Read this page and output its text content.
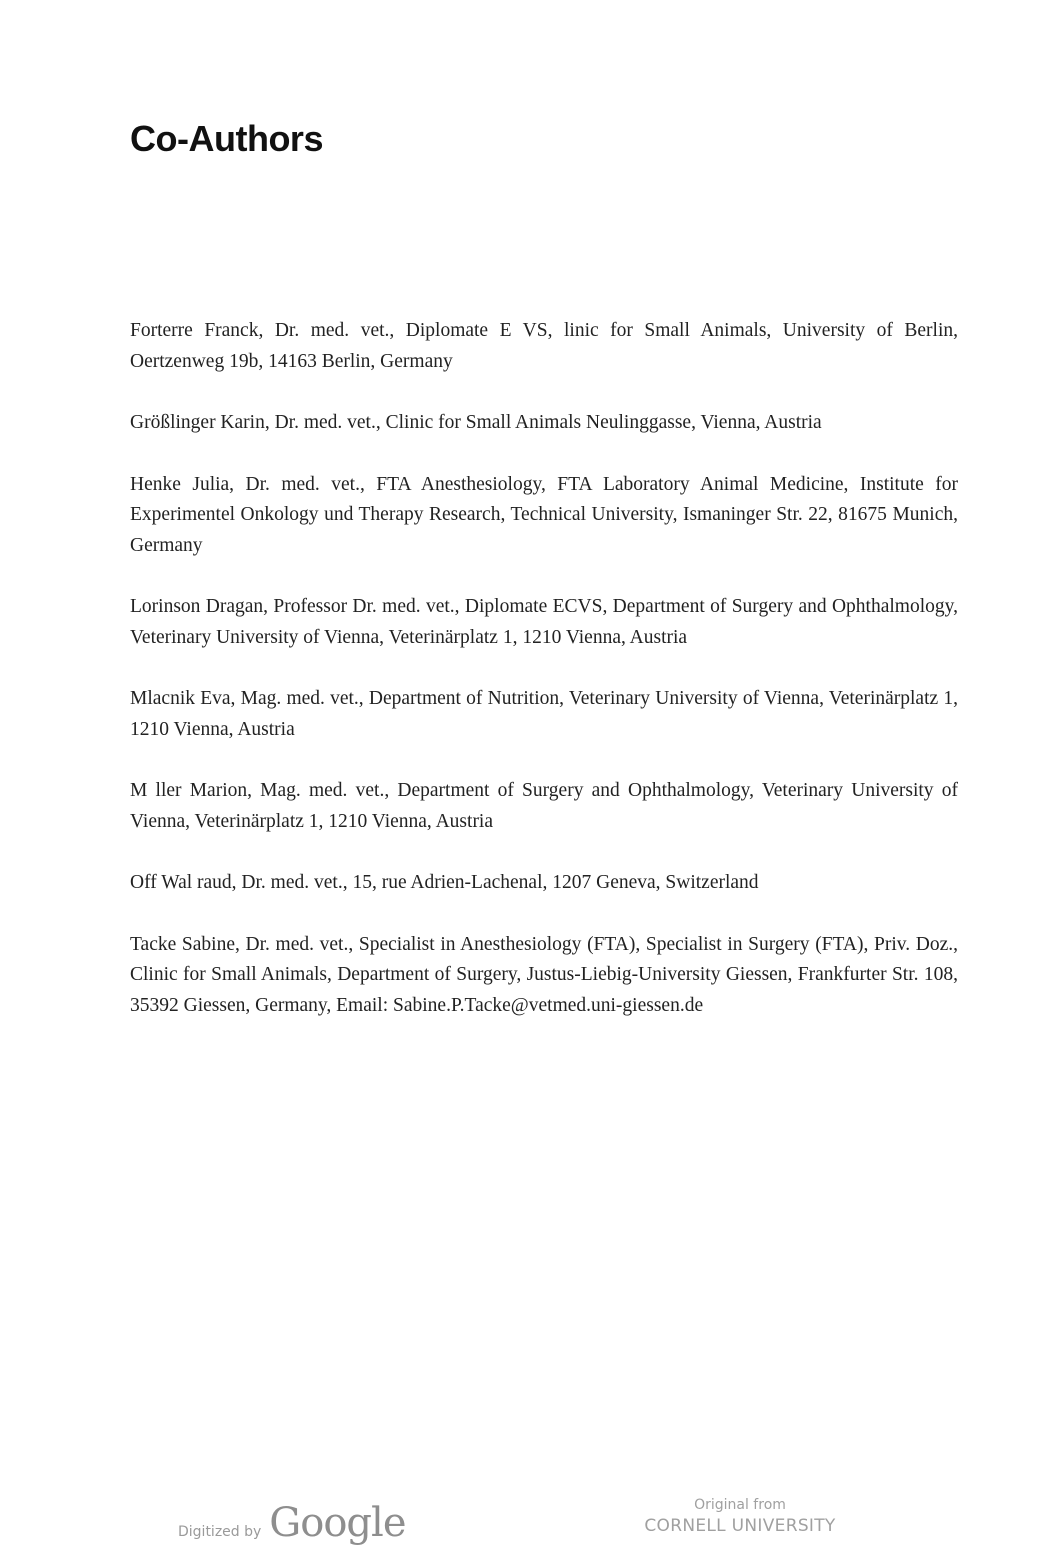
Co-Authors

Forterre Franck, Dr. med. vet., Diplomate E VS, linic for Small Animals, University of Berlin, Oertzenweg 19b, 14163 Berlin, Germany

Größlinger Karin, Dr. med. vet., Clinic for Small Animals Neulinggasse, Vienna, Austria

Henke Julia, Dr. med. vet., FTA Anesthesiology, FTA Laboratory Animal Medicine, Institute for Experimentel Onkology und Therapy Research, Technical University, Ismaninger Str. 22, 81675 Munich, Germany

Lorinson Dragan, Professor Dr. med. vet., Diplomate ECVS, Department of Surgery and Ophthalmology, Veterinary University of Vienna, Veterinärplatz 1, 1210 Vienna, Austria

Mlacnik Eva, Mag. med. vet., Department of Nutrition, Veterinary University of Vienna, Veterinärplatz 1, 1210 Vienna, Austria

M ller Marion, Mag. med. vet., Department of Surgery and Ophthalmology, Veterinary University of Vienna, Veterinärplatz 1, 1210 Vienna, Austria

Off Wal raud, Dr. med. vet., 15, rue Adrien-Lachenal, 1207 Geneva, Switzerland

Tacke Sabine, Dr. med. vet., Specialist in Anesthesiology (FTA), Specialist in Surgery (FTA), Priv. Doz., Clinic for Small Animals, Department of Surgery, Justus-Liebig-University Giessen, Frankfurter Str. 108, 35392 Giessen, Germany, Email: Sabine.P.Tacke@vetmed.uni-giessen.de

Digitized by Google	Original from
CORNELL UNIVERSITY
